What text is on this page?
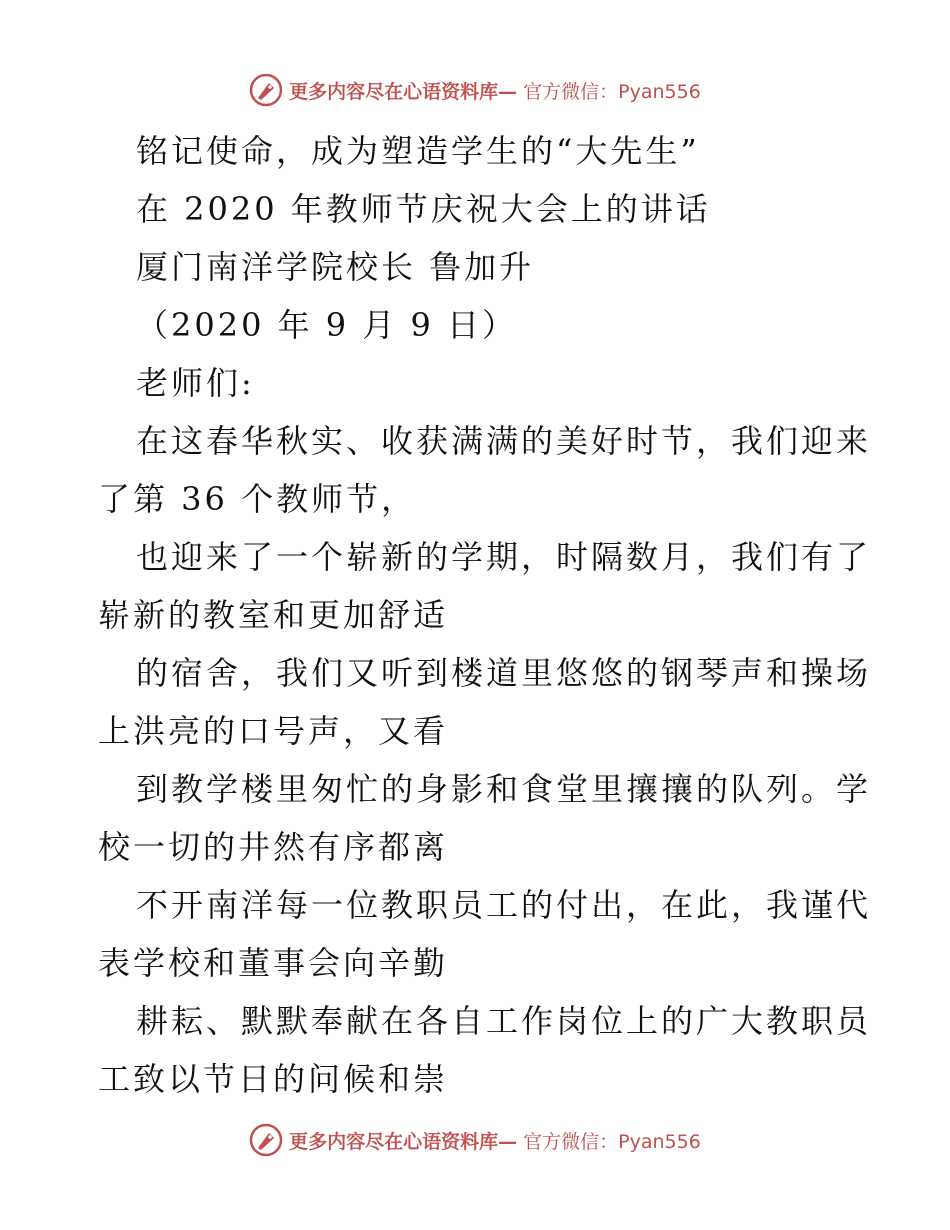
更多内容尽在心语资料库— 官方微信：Pyan556
铭记使命，成为塑造学生的“大先生”
在 2020 年教师节庆祝大会上的讲话
厦门南洋学院校长 鲁加升
（2020 年 9 月 9 日）
老师们:
在这春华秋实、收获满满的美好时节，我们迎来
了第 36 个教师节，
也迎来了一个崭新的学期，时隔数月，我们有了
崭新的教室和更加舒适
的宿舍，我们又听到楼道里悠悠的钢琴声和操场
上洪亮的口号声，又看
到教学楼里匆忙的身影和食堂里攘攘的队列。学
校一切的井然有序都离
不开南洋每一位教职员工的付出，在此，我谨代
表学校和董事会向辛勤
耕耘、默默奉献在各自工作岗位上的广大教职员
工致以节日的问候和崇
更多内容尽在心语资料库— 官方微信：Pyan556
